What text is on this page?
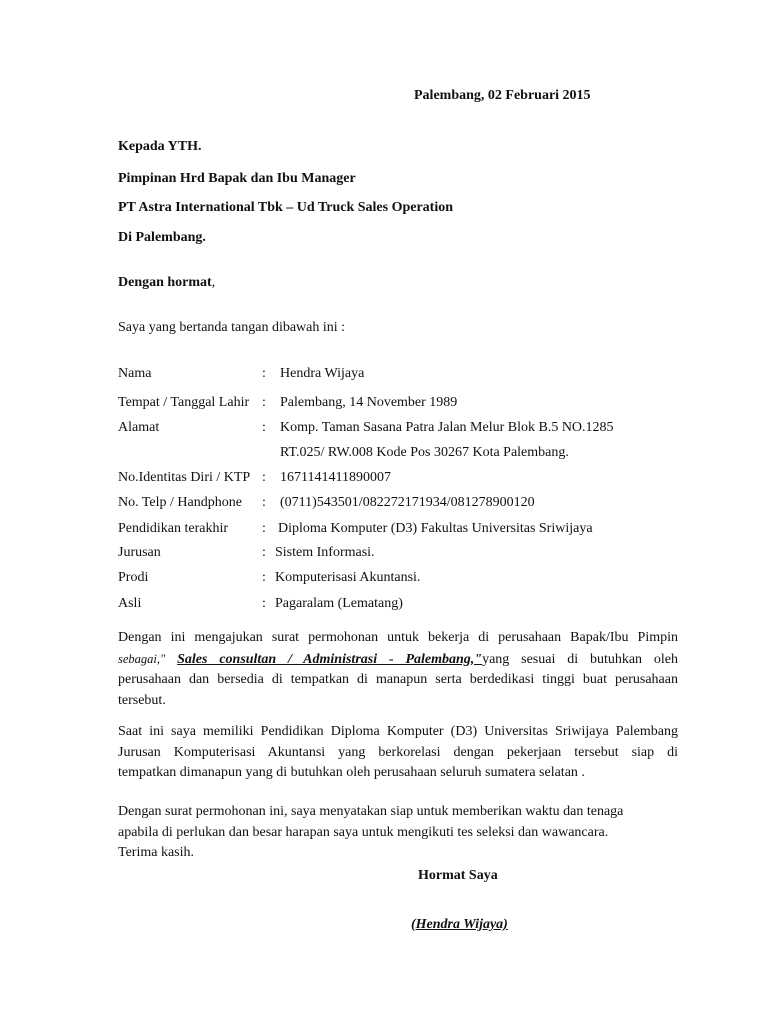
Palembang, 02 Februari 2015
Kepada YTH.
Pimpinan Hrd Bapak dan Ibu Manager
PT Astra International Tbk – Ud Truck Sales Operation
Di Palembang.
Dengan hormat,
Saya yang bertanda tangan dibawah ini :
Nama	: Hendra Wijaya
Tempat / Tanggal Lahir : Palembang, 14 November 1989
Alamat	: Komp. Taman Sasana Patra Jalan Melur Blok B.5 NO.1285
RT.025/ RW.008 Kode Pos 30267 Kota Palembang.
No.Identitas Diri / KTP : 1671141411890007
No. Telp / Handphone : (0711)543501/082272171934/081278900120
Pendidikan terakhir : Diploma Komputer (D3) Fakultas Universitas Sriwijaya
Jurusan	: Sistem Informasi.
Prodi	: Komputerisasi Akuntansi.
Asli	: Pagaralam (Lematang)
Dengan ini mengajukan surat permohonan untuk bekerja di perusahaan Bapak/Ibu Pimpin
sebagai," Sales consultan / Administrasi - Palembang,"yang sesuai di butuhkan oleh
perusahaan dan bersedia di tempatkan di manapun serta berdedikasi tinggi buat perusahaan
tersebut.
Saat ini saya memiliki Pendidikan Diploma Komputer (D3) Universitas Sriwijaya Palembang
Jurusan Komputerisasi Akuntansi yang berkorelasi dengan pekerjaan tersebut siap di
tempatkan dimanapun yang di butuhkan oleh perusahaan seluruh sumatera selatan .
Dengan surat permohonan ini, saya menyatakan siap untuk memberikan waktu dan tenaga
apabila di perlukan dan besar harapan saya untuk mengikuti tes seleksi dan wawancara.
Terima kasih.
Hormat Saya
(Hendra Wijaya)
